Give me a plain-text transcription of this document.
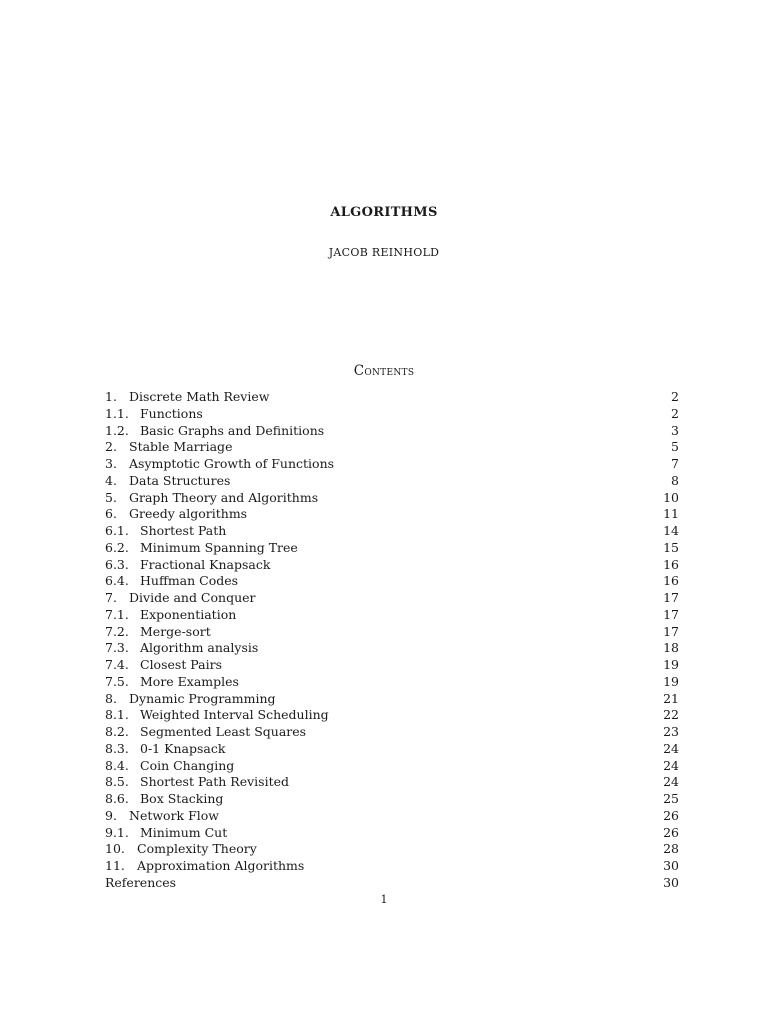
ALGORITHMS
JACOB REINHOLD
Contents
1. Discrete Math Review	2
1.1. Functions	2
1.2. Basic Graphs and Definitions	3
2. Stable Marriage	5
3. Asymptotic Growth of Functions	7
4. Data Structures	8
5. Graph Theory and Algorithms	10
6. Greedy algorithms	11
6.1. Shortest Path	14
6.2. Minimum Spanning Tree	15
6.3. Fractional Knapsack	16
6.4. Huffman Codes	16
7. Divide and Conquer	17
7.1. Exponentiation	17
7.2. Merge-sort	17
7.3. Algorithm analysis	18
7.4. Closest Pairs	19
7.5. More Examples	19
8. Dynamic Programming	21
8.1. Weighted Interval Scheduling	22
8.2. Segmented Least Squares	23
8.3. 0-1 Knapsack	24
8.4. Coin Changing	24
8.5. Shortest Path Revisited	24
8.6. Box Stacking	25
9. Network Flow	26
9.1. Minimum Cut	26
10. Complexity Theory	28
11. Approximation Algorithms	30
References	30
1
